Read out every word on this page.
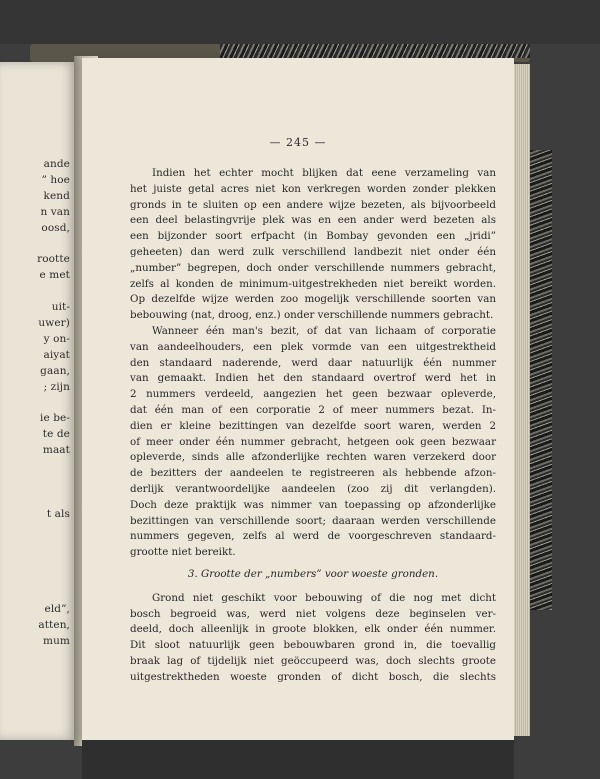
ande
” hoe
kend
n van
oosd,
rootte
e met
uit-
uwer)
y on-
aiyat
gaan,
; zijn
ie be-
te de
maat
t als
eld”,
atten,
mum
— 245 —
Indien het echter mocht blijken dat eene verzameling van
het juiste getal acres niet kon verkregen worden zonder plekken
gronds in te sluiten op een andere wijze bezeten, als bijvoorbeeld
een deel belastingvrije plek was en een ander werd bezeten als
een bijzonder soort erfpacht (in Bombay gevonden een „jridi”
geheeten) dan werd zulk verschillend landbezit niet onder één
„number” begrepen, doch onder verschillende nummers gebracht,
zelfs al konden de minimum-uitgestrekheden niet bereikt worden.
Op dezelfde wijze werden zoo mogelijk verschillende soorten van
bebouwing (nat, droog, enz.) onder verschillende nummers gebracht.
Wanneer één man's bezit, of dat van lichaam of corporatie
van aandeelhouders, een plek vormde van een uitgestrektheid
den standaard naderende, werd daar natuurlijk één nummer
van gemaakt. Indien het den standaard overtrof werd het in
2 nummers verdeeld, aangezien het geen bezwaar opleverde,
dat één man of een corporatie 2 of meer nummers bezat. In-
dien er kleine bezittingen van dezelfde soort waren, werden 2
of meer onder één nummer gebracht, hetgeen ook geen bezwaar
opleverde, sinds alle afzonderlijke rechten waren verzekerd door
de bezitters der aandeelen te registreeren als hebbende afzon-
derlijk verantwoordelijke aandeelen (zoo zij dit verlangden).
Doch deze praktijk was nimmer van toepassing op afzonderlijke
bezittingen van verschillende soort; daaraan werden verschillende
nummers gegeven, zelfs al werd de voorgeschreven standaard-
grootte niet bereikt.
3. Grootte der „numbers” voor woeste gronden.
Grond niet geschikt voor bebouwing of die nog met dicht
bosch begroeid was, werd niet volgens deze beginselen ver-
deeld, doch alleenlijk in groote blokken, elk onder één nummer.
Dit sloot natuurlijk geen bebouwbaren grond in, die toevallig
braak lag of tijdelijk niet geöccupeerd was, doch slechts groote
uitgestrektheden woeste gronden of dicht bosch, die slechts
